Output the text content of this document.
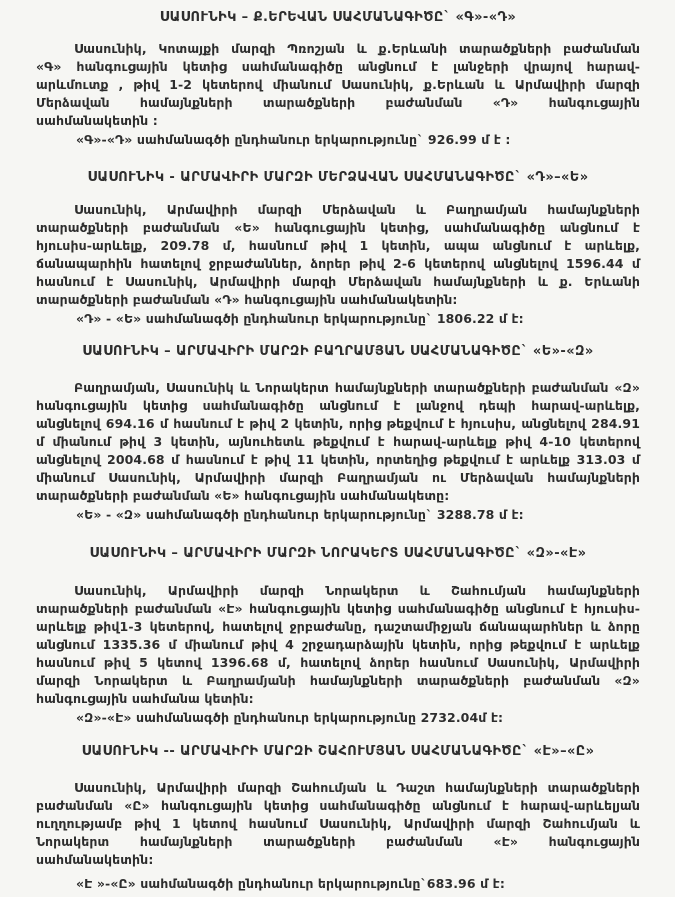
ՍԱՍՈՒՆԻԿ – Ք.ԵՐԵՎԱՆ ՍԱՀՄԱՆԱԳԻԾԸ` «Գ»-«Դ»
Սասունիկ, Կոտայքի մարզի Պռոշյան և ք.Երևանի տարածքների բաժանման
«Գ» հանգուցային կետից սահմանագիծը անցնում է լանջերի վրայով հարավ-
արևմուտք , թիվ 1-2 կետերով միանում Սասունիկ, ք.Երևան և Արմավիրի մարզի
Մերձավան համայնքների տարածքների բաժանման «Դ» հանգուցային
սահմանակետին :

«Գ»-«Դ» սահմանագծի ընդհանուր երկարությունը` 926.99 մ է :

ՍԱՍՈՒՆԻԿ - ԱՐՄԱՎԻՐԻ ՄԱՐԶԻ ՄԵՐՁԱՎԱՆ ՍԱՀՄԱՆԱԳԻԾԸ` «Դ»–«Ե»
Սասունիկ, Արմավիրի մարզի Մերձավան և Բաղրամյան համայնքների
տարածքների բաժանման «Ե» հանգուցային կետից, սահմանագիծը անցնում է
հյուսիս-արևելք, 209.78 մ, հասնում թիվ 1 կետին, ապա անցնում է արևելք,
ճանապարհին հատելով ջրբաժաններ, ձորեր թիվ 2-6 կետերով անցնելով 1596.44 մ
հասնում է Սասունիկ, Արմավիրի մարզի Մերձավան համայնքների և ք. Երևանի
տարածքների բաժանման «Դ» հանգուցային սահմանակետին:

«Դ» - «Ե» սահմանագծի ընդհանուր երկարությունը` 1806.22 մ է:

ՍԱՍՈՒՆԻԿ – ԱՐՄԱՎԻՐԻ ՄԱՐԶԻ ԲԱՂՐԱՄՅԱՆ ՍԱՀՄԱՆԱԳԻԾԸ` «Ե»-«Զ»
Բաղրամյան, Սասունիկ և Նորակերտ համայնքների տարածքների բաժանման «Զ»
հանգուցային կետից սահմանագիծը անցնում է լանջով դեպի հարավ-արևելք,
անցնելով 694.16 մ հասնում է թիվ 2 կետին, որից թեքվում է հյուսիս, անցնելով 284.91
մ միանում թիվ 3 կետին, այնուհետև թեքվում է հարավ-արևելք թիվ 4-10 կետերով
անցնելով 2004.68 մ հասնում է թիվ 11 կետին, որտեղից թեքվում է արևելք 313.03 մ
միանում Սասունիկ, Արմավիրի մարզի Բաղրամյան ու Մերձավան համայնքների
տարածքների բաժանման «Ե» հանգուցային սահմանակետը:

«Ե» - «Զ» սահմանագծի ընդհանուր երկարությունը` 3288.78 մ է:

ՍԱՍՈՒՆԻԿ – ԱՐՄԱՎԻՐԻ ՄԱՐԶԻ ՆՈՐԱԿԵՐՏ ՍԱՀՄԱՆԱԳԻԾԸ` «Զ»-«Է»
Սասունիկ, Արմավիրի մարզի Նորակերտ և Շահումյան համայնքների
տարածքների բաժանման «Է» հանգուցային կետից սահմանագիծը անցնում է հյուսիս-
արևելք թիվ1-3 կետերով, հատելով ջրբաժանը, դաշտամիջյան ճանապարհներ և ձորը
անցնում 1335.36 մ միանում թիվ 4 շրջադարձային կետին, որից թեքվում է արևելք
հասնում թիվ 5 կետով 1396.68 մ, հատելով ձորեր հասնում Սասունիկ, Արմավիրի
մարզի Նորակերտ և Բաղրամյանի համայնքների տարածքների բաժանման «Զ»
հանգուցային սահմանա կետին:

«Զ»-«Է» սահմանագծի ընդհանուր երկարությունը 2732.04մ է:

ՍԱՍՈՒՆԻԿ -- ԱՐՄԱՎԻՐԻ ՄԱՐԶԻ ՇԱՀՈՒՄՅԱՆ ՍԱՀՄԱՆԱԳԻԾԸ` «Է»–«Ը»
Սասունիկ, Արմավիրի մարզի Շահումյան և Դաշտ համայնքների տարածքների
բաժանման «Ը» հանգուցային կետից սահմանագիծը անցնում է հարավ-արևելյան
ուղղությամբ թիվ 1 կետով հասնում Սասունիկ, Արմավիրի մարզի Շահումյան և
Նորակերտ համայնքների տարածքների բաժանման «Է» հանգուցային
սահմանակետին:

«Է »-«Ը» սահմանագծի ընդհանուր երկարությունը`683.96 մ է:
